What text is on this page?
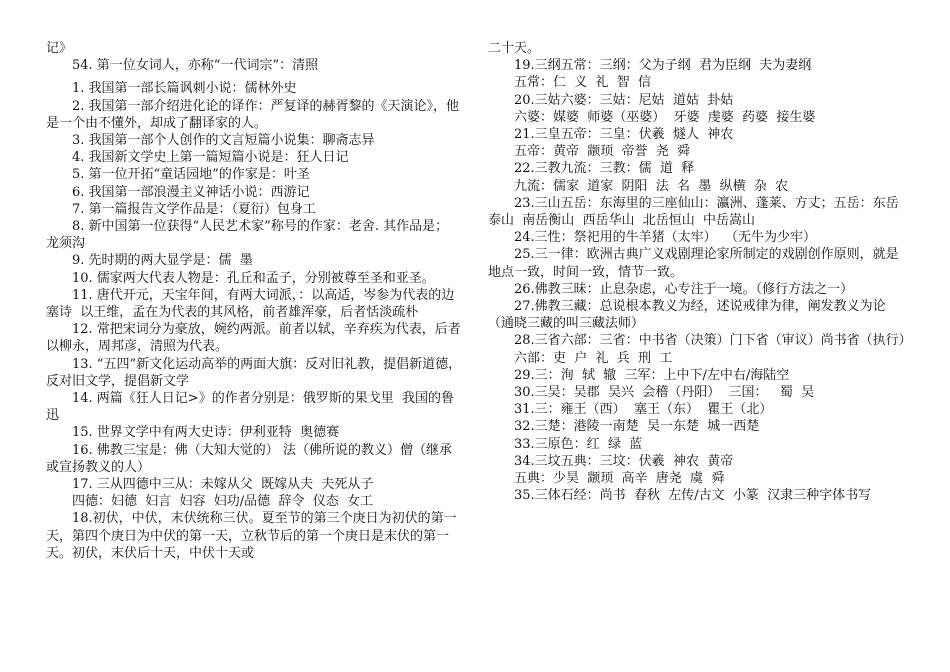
记》

　　54. 第一位女词人，亦称“一代词宗”：清照

　　1. 我国第一部长篇讽刺小说：儒林外史

　　2. 我国第一部介绍进化论的译作：严复译的赫胥黎的《天演论》，他是一个由不懂外，却成了翻译家的人。

　　3. 我国第一部个人创作的文言短篇小说集：聊斋志异

　　4. 我国新文学史上第一篇短篇小说是：狂人日记

　　5. 第一位开拓“童话园地”的作家是：叶圣

　　6. 我国第一部浪漫主义神话小说：西游记

　　7. 第一篇报告文学作品是：（夏衍）包身工

　　8. 新中国第一位获得“人民艺术家”称号的作家：老舍. 其作品是；  龙须沟

　　9. 先时期的两大显学是：儒  墨

　　10. 儒家两大代表人物是：孔丘和孟子，分别被尊至圣和亚圣。

　　11. 唐代开元，天宝年间，有两大词派，：以高适，岑参为代表的边塞诗  以王维，孟在为代表的其风格，前者雄浑豪，后者恬淡疏朴

　　12. 常把宋词分为豪放，婉约两派。前者以轼，辛弃疾为代表，后者以柳永，周邦彦，清照为代表。

　　13. “五四”新文化运动高举的两面大旗：反对旧礼教，提倡新道德，反对旧文学，提倡新文学

　　14. 两篇《狂人日记>》的作者分别是：俄罗斯的果戈里  我国的鲁迅

　　15. 世界文学中有两大史诗：伊利亚特  奥德赛

　　16. 佛教三宝是：佛（大知大觉的） 法（佛所说的教义）僧（继承或宣扬教义的人）

　　17. 三从四德中三从：未嫁从父  既嫁从夫  夫死从子

　　四德：妇德  妇言  妇容  妇功/品德  辞令  仪态  女工

　　18.初伏，中伏，末伏统称三伏。夏至节的第三个庚日为初伏的第一天，第四个庚日为中伏的第一天，立秋节后的第一个庚日是末伏的第一天。初伏，末伏后十天，中伏十天或

二十天。

　　19.三纲五常：三纲：父为子纲  君为臣纲  夫为妻纲

　　五常：仁  义  礼  智  信

　　20.三姑六婆：三姑：尼姑  道姑  卦姑

　　六婆：媒婆  师婆（巫婆）  牙婆  虔婆  药婆  接生婆

　　21.三皇五帝：三皇：伏羲  燧人  神农

　　五帝：黄帝  颛顼  帝誉  尧  舜

　　22.三教九流：三教：儒  道  释

　　九流：儒家  道家  阴阳  法  名  墨  纵横  杂  农

　　23.三山五岳：东海里的三座仙山：瀛洲、蓬莱、方丈；五岳：东岳泰山  南岳衡山  西岳华山  北岳恒山  中岳嵩山

　　24.三性：祭祀用的牛羊猪（太牢）  （无牛为少牢）

　　25.三一律：欧洲古典广义戏剧理论家所制定的戏剧创作原则，就是地点一致，时间一致，情节一致。

　　26.佛教三昧：止息杂虑，心专注于一境。（修行方法之一）

　　27.佛教三藏：总说根本教义为经，述说戒律为律，阐发教义为论（通晓三藏的叫三藏法师）

　　28.三省六部：三省：中书省（决策）门下省（审议）尚书省（执行）

　　六部：吏  户  礼  兵  刑  工

　　29.三：洵  轼  辙  三军：上中下/左中右/海陆空

　　30.三吴：吴郡  吴兴  会稽（丹阳）  三国：   蜀  吴

　　31.三：雍王（西）  塞王（东）  瞿王（北）

　　32.三楚：港陵一南楚  吴一东楚  城一西楚

　　33.三原色：红  绿  蓝

　　34.三坟五典：三坟：伏羲  神农  黄帝

　　五典：少昊  颛顼  高辛  唐尧  虞  舜

　　35.三体石经：尚书  春秋  左传/古文  小篆  汉隶三种字体书写
